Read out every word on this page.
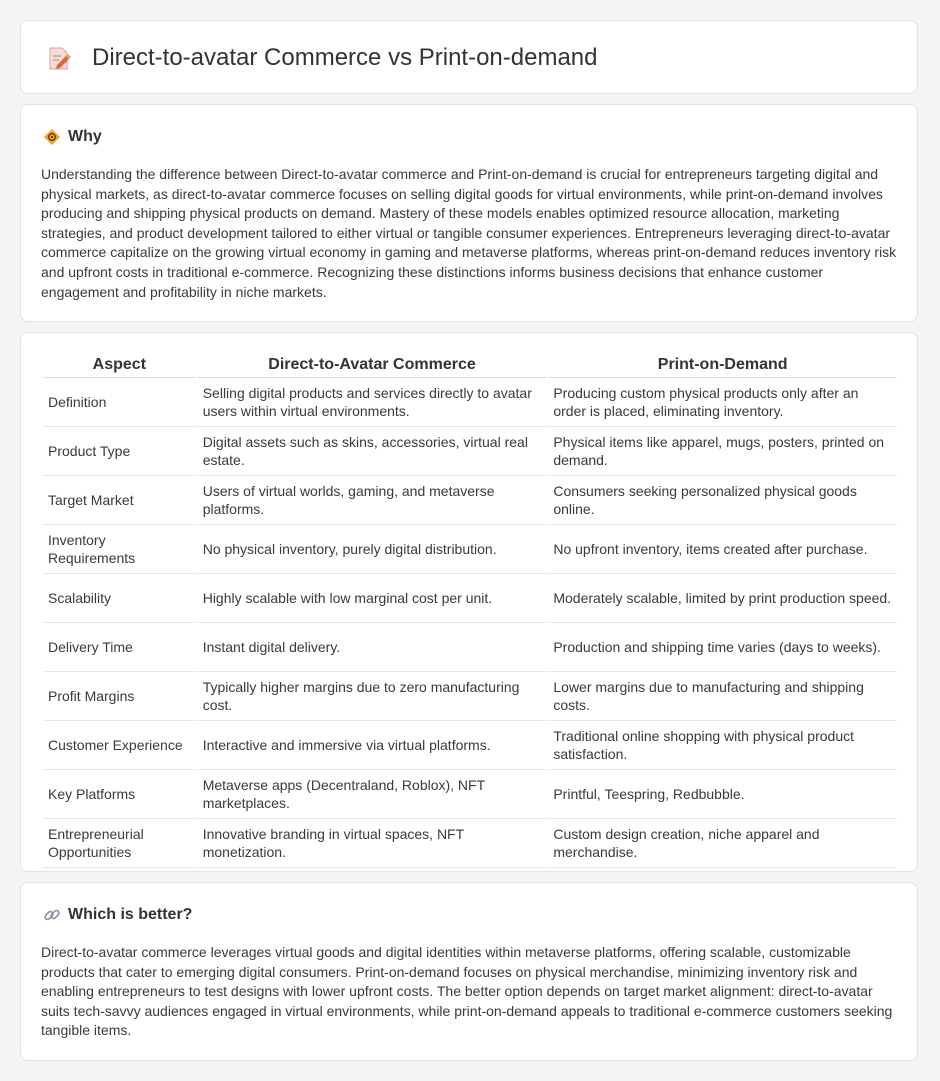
Direct-to-avatar Commerce vs Print-on-demand
Why

Understanding the difference between Direct-to-avatar commerce and Print-on-demand is crucial for entrepreneurs targeting digital and physical markets, as direct-to-avatar commerce focuses on selling digital goods for virtual environments, while print-on-demand involves producing and shipping physical products on demand. Mastery of these models enables optimized resource allocation, marketing strategies, and product development tailored to either virtual or tangible consumer experiences. Entrepreneurs leveraging direct-to-avatar commerce capitalize on the growing virtual economy in gaming and metaverse platforms, whereas print-on-demand reduces inventory risk and upfront costs in traditional e-commerce. Recognizing these distinctions informs business decisions that enhance customer engagement and profitability in niche markets.

Aspect	Direct-to-Avatar Commerce	Print-on-Demand
Definition	Selling digital products and services directly to avatar users within virtual environments.	Producing custom physical products only after an order is placed, eliminating inventory.
Product Type	Digital assets such as skins, accessories, virtual real estate.	Physical items like apparel, mugs, posters, printed on demand.
Target Market	Users of virtual worlds, gaming, and metaverse platforms.	Consumers seeking personalized physical goods online.
Inventory Requirements	No physical inventory, purely digital distribution.	No upfront inventory, items created after purchase.
Scalability	Highly scalable with low marginal cost per unit.	Moderately scalable, limited by print production speed.
Delivery Time	Instant digital delivery.	Production and shipping time varies (days to weeks).
Profit Margins	Typically higher margins due to zero manufacturing cost.	Lower margins due to manufacturing and shipping costs.
Customer Experience	Interactive and immersive via virtual platforms.	Traditional online shopping with physical product satisfaction.
Key Platforms	Metaverse apps (Decentraland, Roblox), NFT marketplaces.	Printful, Teespring, Redbubble.
Entrepreneurial Opportunities	Innovative branding in virtual spaces, NFT monetization.	Custom design creation, niche apparel and merchandise.
Which is better?

Direct-to-avatar commerce leverages virtual goods and digital identities within metaverse platforms, offering scalable, customizable products that cater to emerging digital consumers. Print-on-demand focuses on physical merchandise, minimizing inventory risk and enabling entrepreneurs to test designs with lower upfront costs. The better option depends on target market alignment: direct-to-avatar suits tech-savvy audiences engaged in virtual environments, while print-on-demand appeals to traditional e-commerce customers seeking tangible items.
